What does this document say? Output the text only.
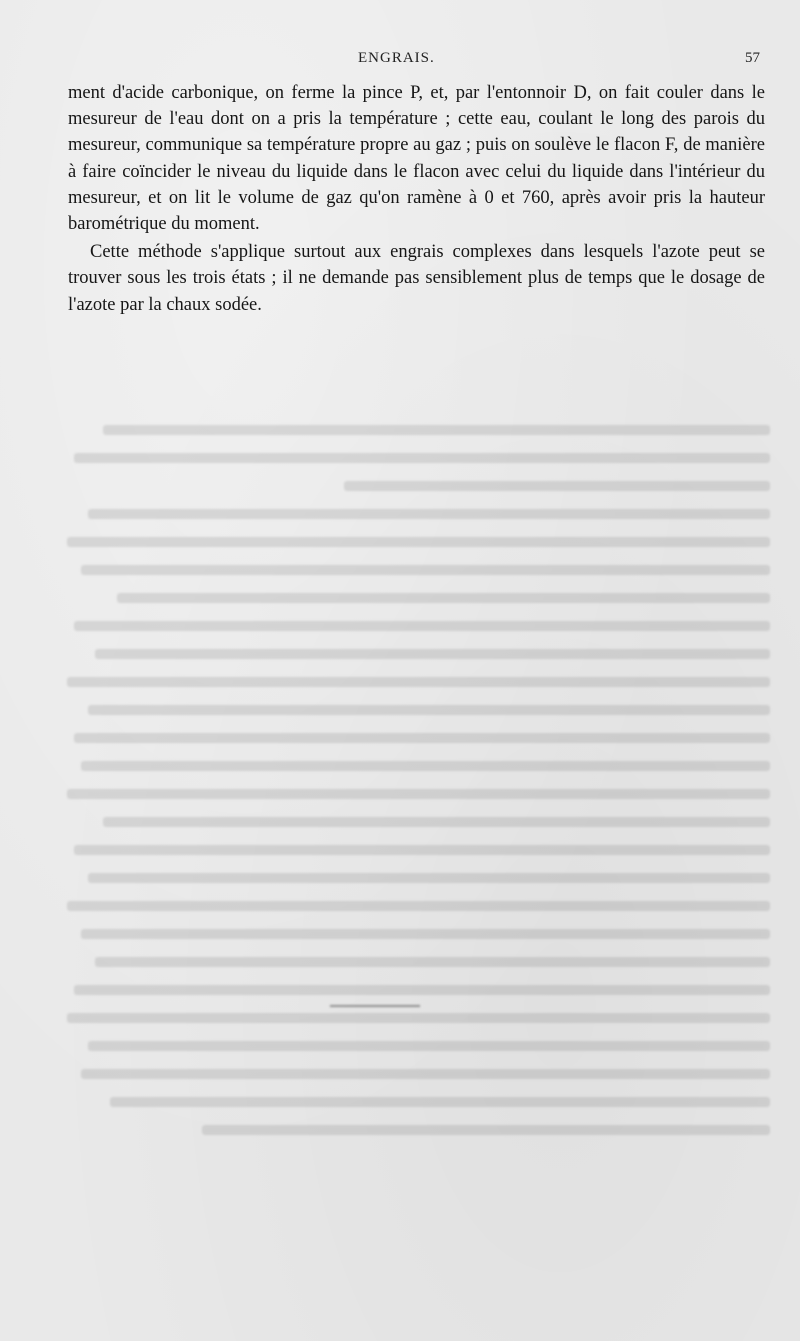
ENGRAIS.	57

ment d'acide carbonique, on ferme la pince P, et, par l'entonnoir D, on fait couler dans le mesureur de l'eau dont on a pris la température ; cette eau, coulant le long des parois du mesureur, communique sa température propre au gaz ; puis on soulève le flacon F, de manière à faire coïncider le niveau du liquide dans le flacon avec celui du liquide dans l'intérieur du mesureur, et on lit le volume de gaz qu'on ramène à 0 et 760, après avoir pris la hauteur barométrique du moment.

Cette méthode s'applique surtout aux engrais complexes dans lesquels l'azote peut se trouver sous les trois états ; il ne demande pas sensiblement plus de temps que le dosage de l'azote par la chaux sodée.
